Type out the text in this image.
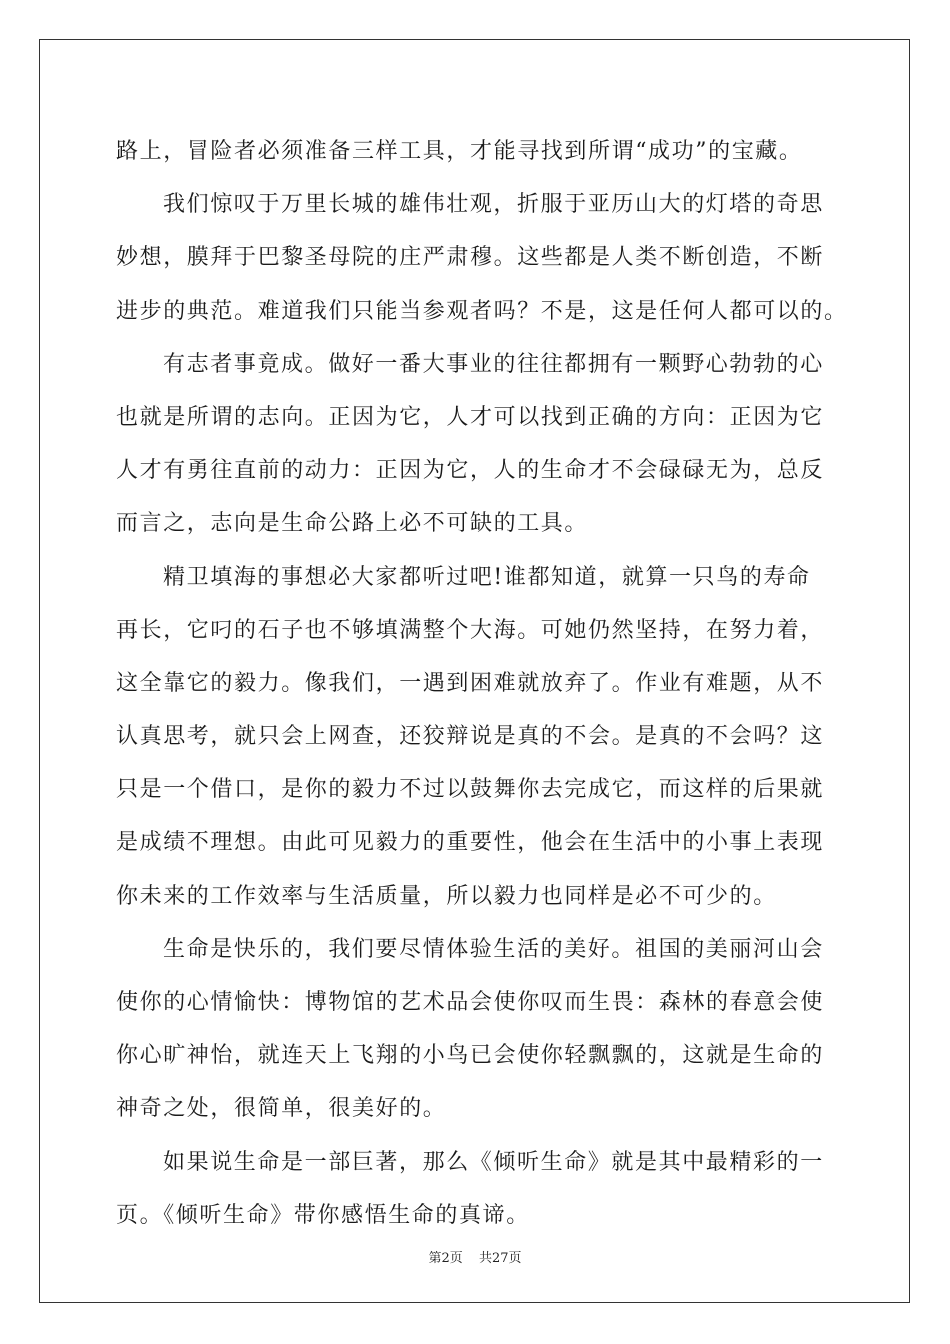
路上，冒险者必须准备三样工具，才能寻找到所谓“成功”的宝藏。
我们惊叹于万里长城的雄伟壮观，折服于亚历山大的灯塔的奇思
妙想，膜拜于巴黎圣母院的庄严肃穆。这些都是人类不断创造，不断
进步的典范。难道我们只能当参观者吗？不是，这是任何人都可以的。
有志者事竟成。做好一番大事业的往往都拥有一颗野心勃勃的心
也就是所谓的志向。正因为它，人才可以找到正确的方向：正因为它
人才有勇往直前的动力：正因为它，人的生命才不会碌碌无为，总反
而言之，志向是生命公路上必不可缺的工具。
精卫填海的事想必大家都听过吧!谁都知道，就算一只鸟的寿命
再长，它叼的石子也不够填满整个大海。可她仍然坚持，在努力着，
这全靠它的毅力。像我们，一遇到困难就放弃了。作业有难题，从不
认真思考，就只会上网查，还狡辩说是真的不会。是真的不会吗？这
只是一个借口，是你的毅力不过以鼓舞你去完成它，而这样的后果就
是成绩不理想。由此可见毅力的重要性，他会在生活中的小事上表现
你未来的工作效率与生活质量，所以毅力也同样是必不可少的。
生命是快乐的，我们要尽情体验生活的美好。祖国的美丽河山会
使你的心情愉快：博物馆的艺术品会使你叹而生畏：森林的春意会使
你心旷神怡，就连天上飞翔的小鸟已会使你轻飘飘的，这就是生命的
神奇之处，很简单，很美好的。
如果说生命是一部巨著，那么《倾听生命》就是其中最精彩的一
页。《倾听生命》带你感悟生命的真谛。
第2页 共27页
